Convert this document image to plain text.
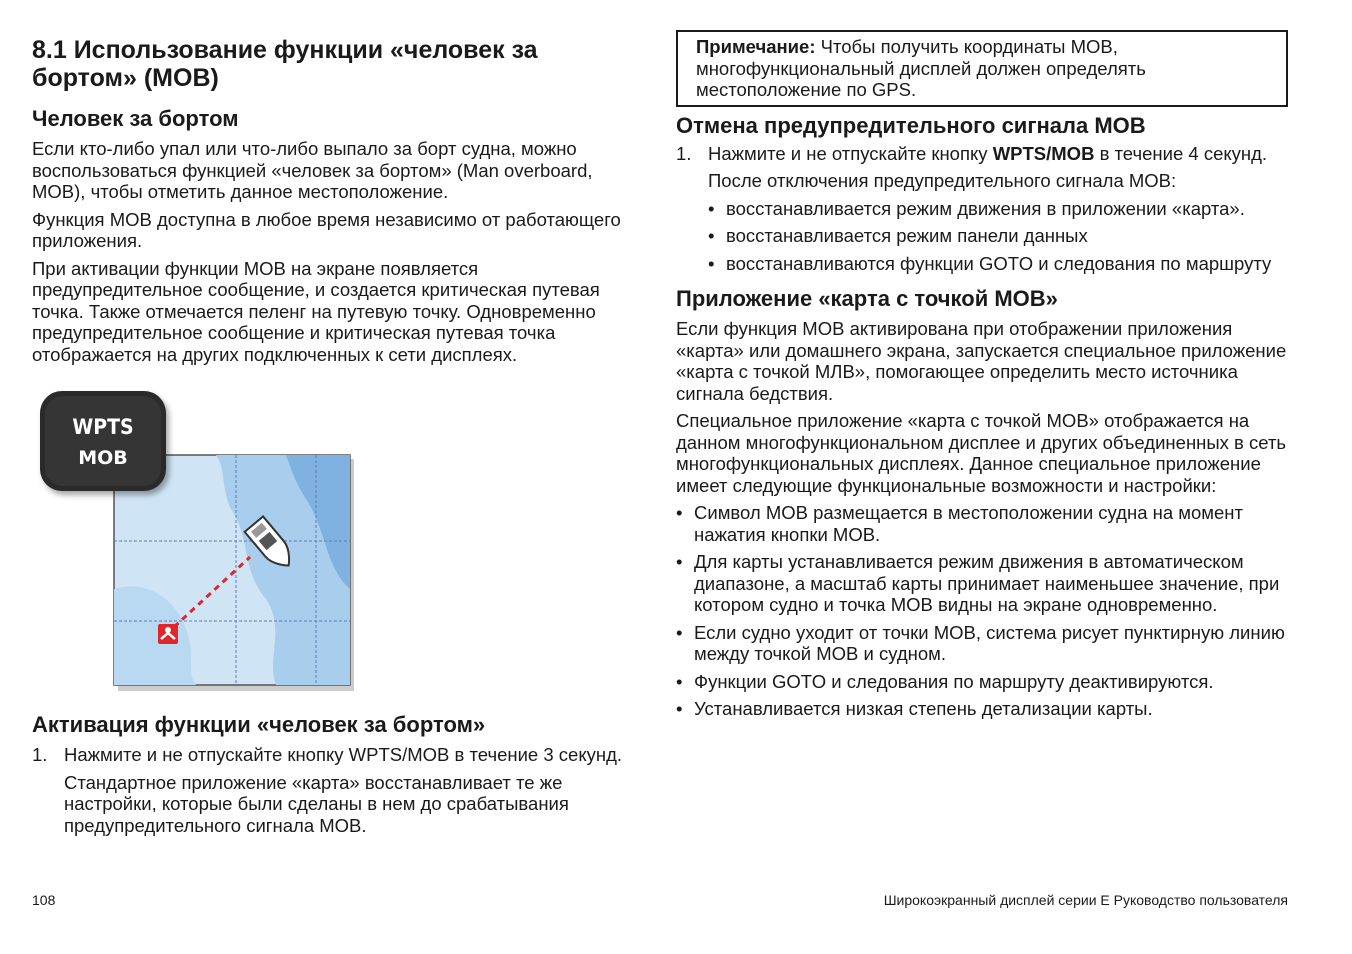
8.1 Использование функции «человек за бортом» (MOB)
Человек за бортом

Если кто-либо упал или что-либо выпало за борт судна, можно воспользоваться функцией «человек за бортом» (Man overboard, MOB), чтобы отметить данное местоположение.

Функция MOB доступна в любое время независимо от работающего приложения.

При активации функции MOB на экране появляется предупредительное сообщение, и создается критическая путевая точка. Также отмечается пеленг на путевую точку. Одновременно предупредительное сообщение и критическая путевая точка отображается на других подключенных к сети дисплеях.

WPTS
MOB
Активация функции «человек за бортом»
1. Нажмите и не отпускайте кнопку WPTS/MOB в течение 3 секунд.

Стандартное приложение «карта» восстанавливает те же настройки, которые были сделаны в нем до срабатывания предупредительного сигнала MOB.

Примечание: Чтобы получить координаты MOB, многофункциональный дисплей должен определять местоположение по GPS.
Отмена предупредительного сигнала MOB
1. Нажмите и не отпускайте кнопку WPTS/MOB в течение 4 секунд.

После отключения предупредительного сигнала MOB:

• восстанавливается режим движения в приложении «карта».
• восстанавливается режим панели данных
• восстанавливаются функции GOTO и следования по маршруту
Приложение «карта с точкой MOB»

Если функция MOB активирована при отображении приложения «карта» или домашнего экрана, запускается специальное приложение «карта с точкой МЛВ», помогающее определить место источника сигнала бедствия.

Специальное приложение «карта с точкой MOB» отображается на данном многофункциональном дисплее и других объединенных в сеть многофункциональных дисплеях. Данное специальное приложение имеет следующие функциональные возможности и настройки:

• Символ MOB размещается в местоположении судна на момент нажатия кнопки MOB.
• Для карты устанавливается режим движения в автоматическом диапазоне, а масштаб карты принимает наименьшее значение, при котором судно и точка MOB видны на экране одновременно.
• Если судно уходит от точки MOB, система рисует пунктирную линию между точкой MOB и судном.
• Функции GOTO и следования по маршруту деактивируются.
• Устанавливается низкая степень детализации карты.
108	Широкоэкранный дисплей серии E Руководство пользователя
